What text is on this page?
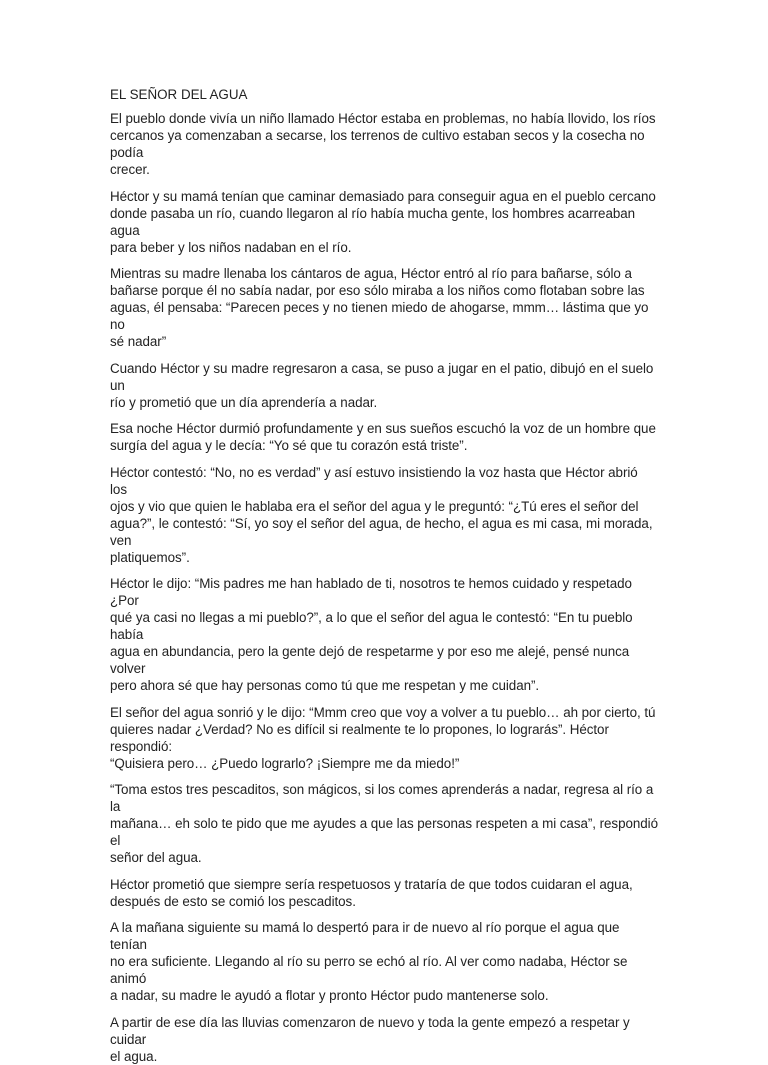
EL SEÑOR DEL AGUA

El pueblo donde vivía un niño llamado Héctor estaba en problemas, no había llovido, los ríos
cercanos ya comenzaban a secarse, los terrenos de cultivo estaban secos y la cosecha no podía
crecer.

Héctor y su mamá tenían que caminar demasiado para conseguir agua en el pueblo cercano
donde pasaba un río, cuando llegaron al río había mucha gente, los hombres acarreaban agua
para beber y los niños nadaban en el río.

Mientras su madre llenaba los cántaros de agua, Héctor entró al río para bañarse, sólo a
bañarse porque él no sabía nadar, por eso sólo miraba a los niños como flotaban sobre las
aguas, él pensaba: “Parecen peces y no tienen miedo de ahogarse, mmm… lástima que yo no
sé nadar”

Cuando Héctor y su madre regresaron a casa, se puso a jugar en el patio, dibujó en el suelo un
río y prometió que un día aprendería a nadar.

Esa noche Héctor durmió profundamente y en sus sueños escuchó la voz de un hombre que
surgía del agua y le decía: “Yo sé que tu corazón está triste”.

Héctor contestó: “No, no es verdad” y así estuvo insistiendo la voz hasta que Héctor abrió los
ojos y vio que quien le hablaba era el señor del agua y le preguntó: “¿Tú eres el señor del
agua?”, le contestó: “Sí, yo soy el señor del agua, de hecho, el agua es mi casa, mi morada, ven
platiquemos”.

Héctor le dijo: “Mis padres me han hablado de ti, nosotros te hemos cuidado y respetado ¿Por
qué ya casi no llegas a mi pueblo?”, a lo que el señor del agua le contestó: “En tu pueblo había
agua en abundancia, pero la gente dejó de respetarme y por eso me alejé, pensé nunca volver
pero ahora sé que hay personas como tú que me respetan y me cuidan”.

El señor del agua sonrió y le dijo: “Mmm creo que voy a volver a tu pueblo… ah por cierto, tú
quieres nadar ¿Verdad? No es difícil si realmente te lo propones, lo lograrás”. Héctor respondió:
“Quisiera pero… ¿Puedo lograrlo? ¡Siempre me da miedo!”

“Toma estos tres pescaditos, son mágicos, si los comes aprenderás a nadar, regresa al río a la
mañana… eh solo te pido que me ayudes a que las personas respeten a mi casa”, respondió el
señor del agua.

Héctor prometió que siempre sería respetuosos y trataría de que todos cuidaran el agua,
después de esto se comió los pescaditos.

A la mañana siguiente su mamá lo despertó para ir de nuevo al río porque el agua que tenían
no era suficiente. Llegando al río su perro se echó al río. Al ver como nadaba, Héctor se animó
a nadar, su madre le ayudó a flotar y pronto Héctor pudo mantenerse solo.

A partir de ese día las lluvias comenzaron de nuevo y toda la gente empezó a respetar y cuidar
el agua.
